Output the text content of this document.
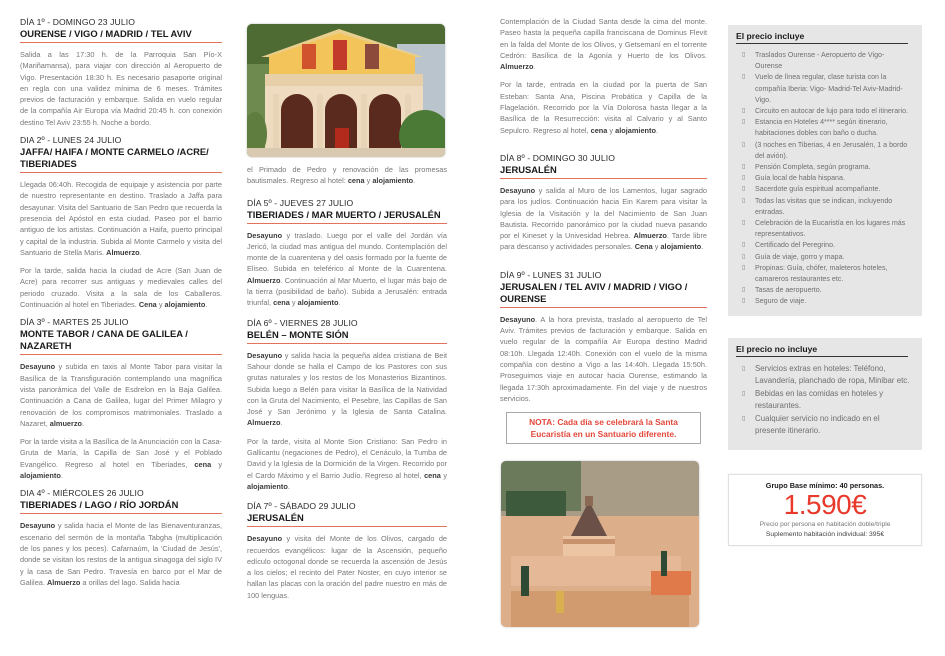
DÍA 1º - DOMINGO 23 JULIO
OURENSE / VIGO / MADRID / TEL AVIV

Salida a las 17:30 h. de la Parroquia San Pío-X (Mariñamansa), para viajar con dirección al Aeropuerto de Vigo. Presentación 18:30 h. Es necesario pasaporte original en regla con una validez mínima de 6 meses. Trámites previos de facturación y embarque. Salida en vuelo regular de la compañía Air Europa vía Madrid 20:45 h. con conexión destino Tel Aviv 23:55 h. Noche a bordo.

DIA 2º - LUNES 24 JULIO
JAFFA/ HAIFA / MONTE CARMELO /ACRE/ TIBERIADES

Llegada 06:40h. Recogida de equipaje y asistencia por parte de nuestro representante en destino. Traslado a Jaffa para desayunar. Visita del Santuario de San Pedro que recuerda la presencia del Apóstol en esta ciudad. Paseo por el barrio antiguo de los artistas. Continuación a Haifa, puerto principal y capital de la industria. Subida al Monte Carmelo y visita del Santuario de Stella Maris. Almuerzo.

Por la tarde, salida hacia la ciudad de Acre (San Juan de Acre) para recorrer sus antiguas y medievales calles del periodo cruzado. Visita a la sala de los Caballeros. Continuación al hotel en Tiberiades. Cena y alojamiento.

DÍA 3º - MARTES 25 JULIO
MONTE TABOR / CANA DE GALILEA / NAZARETH

Desayuno y subida en taxis al Monte Tabor para visitar la Basílica de la Transfiguración contemplando una magnífica vista panorámica del Valle de Esdrelon en la Baja Galilea. Continuación a Cana de Galilea, lugar del Primer Milagro y renovación de los compromisos matrimoniales. Traslado a Nazaret, almuerzo.

Por la tarde visita a la Basílica de la Anunciación con la Casa-Gruta de María, la Capilla de San José y el Poblado Evangélico. Regreso al hotel en Tiberiades, cena y alojamiento.

DIA 4º - MIÉRCOLES 26 JULIO
TIBERIADES / LAGO / RÍO JORDÁN

Desayuno y salida hacia el Monte de las Bienaventuranzas, escenario del sermón de la montaña Tabgha (multiplicación de los panes y los peces). Cafarnaúm, la 'Ciudad de Jesús', donde se visitan los restos de la antigua sinagoga del siglo IV y la casa de San Pedro. Travesía en barco por el Mar de Galilea. Almuerzo a orillas del lago. Salida hacia

el Primado de Pedro y renovación de las promesas bautismales. Regreso al hotel: cena y alojamiento.

DÍA 5º - JUEVES 27 JULIO
TIBERIADES / MAR MUERTO / JERUSALÉN

Desayuno y traslado. Luego por el valle del Jordán vía Jericó, la ciudad mas antigua del mundo. Contemplación del monte de la cuarentena y del oasis formado por la fuente de Eliseo. Subida en teleférico al Monte de la Cuarentena. Almuerzo. Continuación al Mar Muerto, el lugar más bajo de la tierra (posibilidad de baño). Subida a Jerusalén: entrada triunfal, cena y alojamiento.

DÍA 6º - VIERNES 28 JULIO
BELÉN – MONTE SIÓN

Desayuno y salida hacia la pequeña aldea cristiana de Beit Sahour donde se halla el Campo de los Pastores con sus grutas naturales y los restos de los Monasterios Bizantinos. Subida luego a Belén para visitar la Basílica de la Natividad con la Gruta del Nacimiento, el Pesebre, las Capillas de San José y San Jerónimo y la Iglesia de Santa Catalina. Almuerzo.

Por la tarde, visita al Monte Sion Cristiano: San Pedro in Gallicantu (negaciones de Pedro), el Cenáculo, la Tumba de David y la Iglesia de la Dormición de la Virgen. Recorrido por el Cardo Máximo y el Barrio Judío. Regreso al hotel, cena y alojamiento.

DÍA 7º - SÁBADO 29 JULIO
JERUSALÉN

Desayuno y visita del Monte de los Olivos, cargado de recuerdos evangélicos: lugar de la Ascensión, pequeño edículo octogonal donde se recuerda la ascensión de Jesús a los cielos; el recinto del Pater Noster, en cuyo interior se hallan las placas con la oración del padre nuestro en más de 100 lenguas.

Contemplación de la Ciudad Santa desde la cima del monte. Paseo hasta la pequeña capilla franciscana de Dominus Flevit en la falda del Monte de los Olivos, y Getsemaní en el torrente Cedrón: Basílica de la Agonía y Huerto de los Olivos. Almuerzo.

Por la tarde, entrada en la ciudad por la puerta de San Esteban: Santa Ana, Piscina Probática y Capilla de la Flagelación. Recorrido por la Vía Dolorosa hasta llegar a la Basílica de la Resurrección: visita al Calvario y al Santo Sepulcro. Regreso al hotel, cena y alojamiento.

DÍA 8º - DOMINGO 30 JULIO
JERUSALÉN

Desayuno y salida al Muro de los Lamentos, lugar sagrado para los judíos. Continuación hacia Ein Karem para visitar la Iglesia de la Visitación y la del Nacimiento de San Juan Bautista. Recorrido panorámico por la ciudad nueva pasando por el Kineset y la Univesidad Hebrea. Almuerzo. Tarde libre para descanso y actividades personales. Cena y alojamiento.

DÍA 9º - LUNES 31 JULIO
JERUSALEN / TEL AVIV / MADRID / VIGO / OURENSE

Desayuno. A la hora prevista, traslado al aeropuerto de Tel Aviv. Trámites previos de facturación y embarque. Salida en vuelo regular de la compañía Air Europa destino Madrid 08:10h. Llegada 12:40h. Conexión con el vuelo de la misma compañía con destino a Vigo a las 14:40h. Llegada 15:50h. Proseguimos viaje en autocar hacia Ourense, estimando la llegada 17:30h aproximadamente. Fin del viaje y de nuestros servicios.

NOTA: Cada día se celebrará la Santa
Eucaristía en un Santuario diferente.
El precio incluye
▯ Traslados Ourense - Aeropuerto de Vigo-Ourense
▯ Vuelo de línea regular, clase turista con la compañía Iberia: Vigo- Madrid-Tel Aviv-Madrid-Vigo.
▯ Circuito en autocar de lujo para todo el itinerario.
▯ Estancia en Hoteles 4**** según itinerario, habitaciones dobles con baño o ducha.
▯ (3 noches en Tiberias, 4 en Jerusalén, 1 a bordo del avión).
▯ Pensión Completa, según programa.
▯ Guía local de habla hispana.
▯ Sacerdote guía espiritual acompañante.
▯ Todas las visitas que se indican, incluyendo entradas.
▯ Celebración de la Eucaristía en los lugares más representativos.
▯ Certificado del Peregrino.
▯ Guía de viaje, gorro y mapa.
▯ Propinas: Guía, chófer, maleteros hoteles, camareros restaurantes etc.
▯ Tasas de aeropuerto.
▯ Seguro de viaje.
El precio no incluye
▯ Servicios extras en hoteles: Teléfono, Lavandería, planchado de ropa, Minibar etc.
▯ Bebidas en las comidas en hoteles y restaurantes.
▯ Cualquier servicio no indicado en el presente itinerario.
Grupo Base mínimo: 40 personas.
1.590€
Precio por persona en habitación doble/triple
Suplemento habitación individual: 395€
